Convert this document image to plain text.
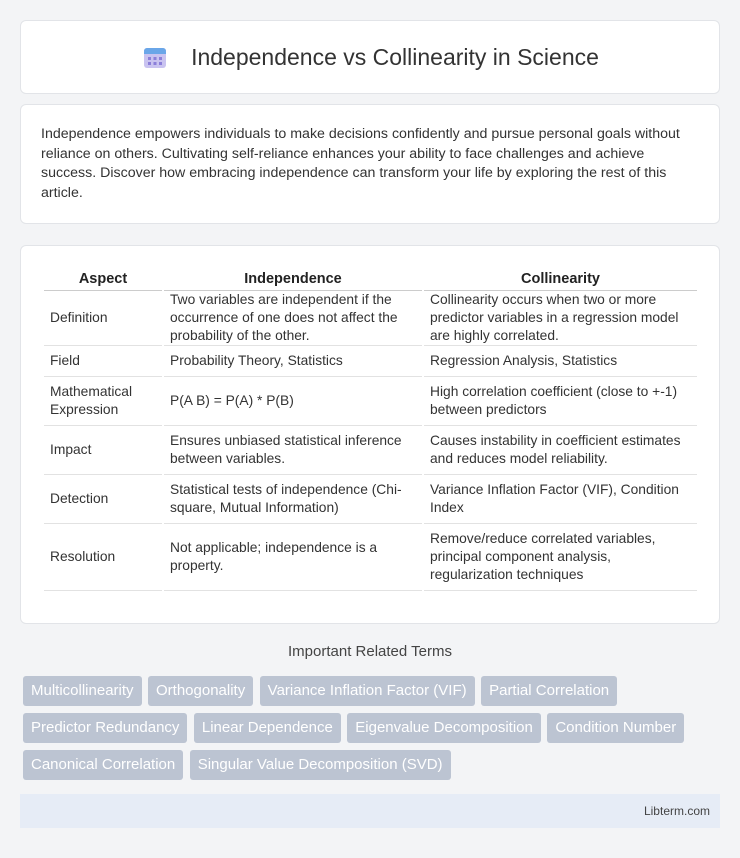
Independence vs Collinearity in Science

Independence empowers individuals to make decisions confidently and pursue personal goals without reliance on others. Cultivating self-reliance enhances your ability to face challenges and achieve success. Discover how embracing independence can transform your life by exploring the rest of this article.

Aspect	Independence	Collinearity
Definition	Two variables are independent if the occurrence of one does not affect the probability of the other.	Collinearity occurs when two or more predictor variables in a regression model are highly correlated.
Field	Probability Theory, Statistics	Regression Analysis, Statistics
Mathematical Expression	P(A B) = P(A) * P(B)	High correlation coefficient (close to +-1) between predictors
Impact	Ensures unbiased statistical inference between variables.	Causes instability in coefficient estimates and reduces model reliability.
Detection	Statistical tests of independence (Chi-square, Mutual Information)	Variance Inflation Factor (VIF), Condition Index
Resolution	Not applicable; independence is a property.	Remove/reduce correlated variables, principal component analysis, regularization techniques
Important Related Terms
Multicollinearity Orthogonality Variance Inflation Factor (VIF) Partial Correlation
Predictor Redundancy Linear Dependence Eigenvalue Decomposition Condition Number
Canonical Correlation Singular Value Decomposition (SVD)
Libterm.com
